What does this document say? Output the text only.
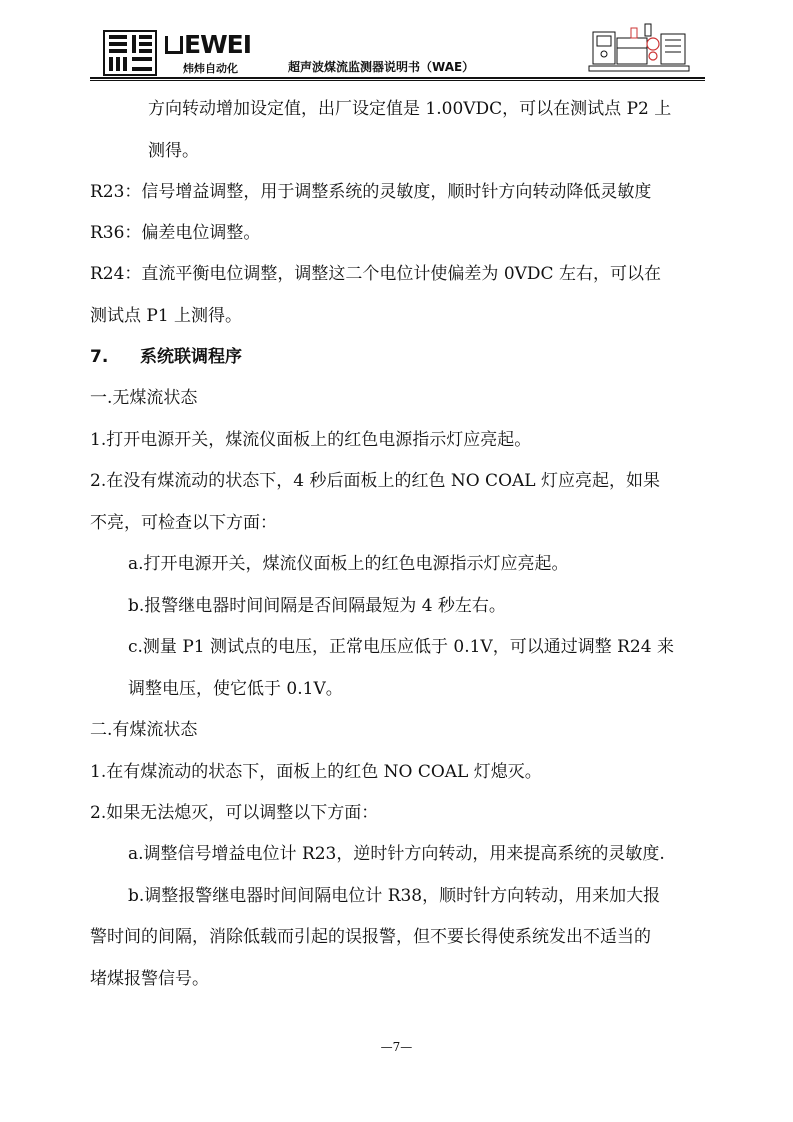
EWEI
炜炜自动化	超声波煤流监测器说明书（WAE）
方向转动增加设定值，出厂设定值是 1.00VDC，可以在测试点 P2 上
测得。
R23：信号增益调整，用于调整系统的灵敏度，顺时针方向转动降低灵敏度
R36：偏差电位调整。
R24：直流平衡电位调整，调整这二个电位计使偏差为 0VDC 左右，可以在
测试点 P1 上测得。
7. 系统联调程序
一.无煤流状态
1.打开电源开关，煤流仪面板上的红色电源指示灯应亮起。
2.在没有煤流动的状态下，4 秒后面板上的红色 NO COAL 灯应亮起，如果
不亮，可检查以下方面：
a.打开电源开关，煤流仪面板上的红色电源指示灯应亮起。
b.报警继电器时间间隔是否间隔最短为 4 秒左右。
c.测量 P1 测试点的电压，正常电压应低于 0.1V，可以通过调整 R24 来
调整电压，使它低于 0.1V。
二.有煤流状态
1.在有煤流动的状态下，面板上的红色 NO COAL 灯熄灭。
2.如果无法熄灭，可以调整以下方面：
a.调整信号增益电位计 R23，逆时针方向转动，用来提高系统的灵敏度.
b.调整报警继电器时间间隔电位计 R38，顺时针方向转动，用来加大报
警时间的间隔，消除低载而引起的误报警，但不要长得使系统发出不适当的
堵煤报警信号。
—7—
